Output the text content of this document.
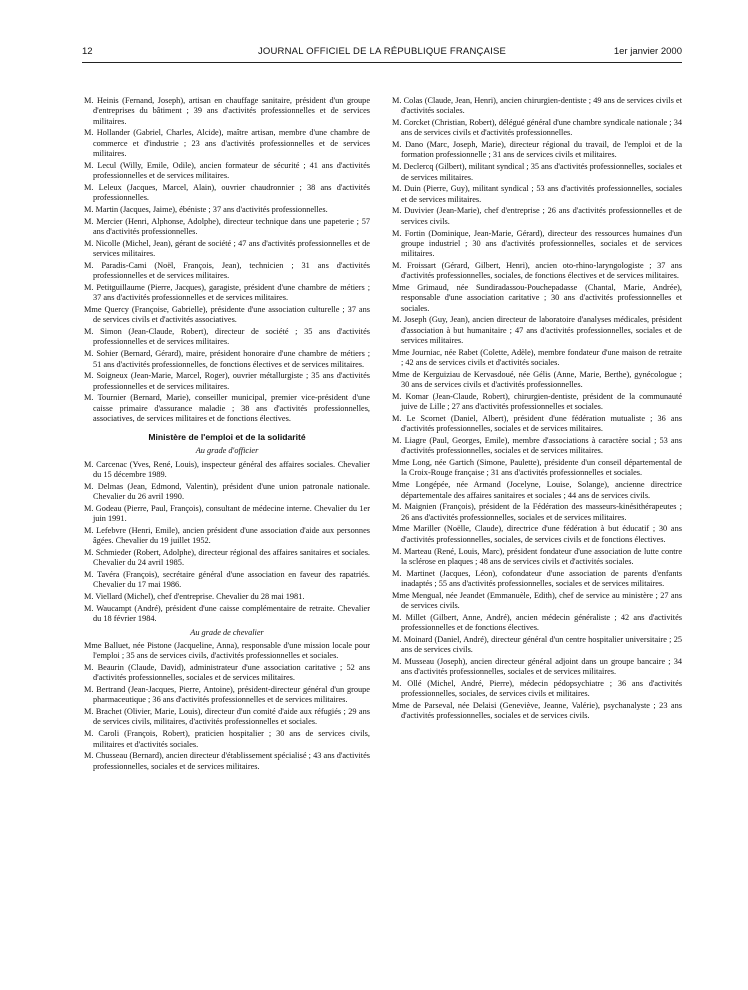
12	JOURNAL OFFICIEL DE LA RÉPUBLIQUE FRANÇAISE	1er janvier 2000

M. Heinis (Fernand, Joseph), artisan en chauffage sanitaire, président d'un groupe d'entreprises du bâtiment ; 39 ans d'activités professionnelles et de services militaires.

M. Hollander (Gabriel, Charles, Alcide), maître artisan, membre d'une chambre de commerce et d'industrie ; 23 ans d'activités professionnelles et de services militaires.

M. Lecul (Willy, Emile, Odile), ancien formateur de sécurité ; 41 ans d'activités professionnelles et de services militaires.

M. Leleux (Jacques, Marcel, Alain), ouvrier chaudronnier ; 38 ans d'activités professionnelles.

M. Martin (Jacques, Jaime), ébéniste ; 37 ans d'activités professionnelles.

M. Mercier (Henri, Alphonse, Adolphe), directeur technique dans une papeterie ; 57 ans d'activités professionnelles.

M. Nicolle (Michel, Jean), gérant de société ; 47 ans d'activités professionnelles et de services militaires.

M. Paradis-Cami (Noël, François, Jean), technicien ; 31 ans d'activités professionnelles et de services militaires.

M. Petitguillaume (Pierre, Jacques), garagiste, président d'une chambre de métiers ; 37 ans d'activités professionnelles et de services militaires.

Mme Quercy (Françoise, Gabrielle), présidente d'une association culturelle ; 37 ans de services civils et d'activités associatives.

M. Simon (Jean-Claude, Robert), directeur de société ; 35 ans d'activités professionnelles et de services militaires.

M. Sohier (Bernard, Gérard), maire, président honoraire d'une chambre de métiers ; 51 ans d'activités professionnelles, de fonctions électives et de services militaires.

M. Soigneux (Jean-Marie, Marcel, Roger), ouvrier métallurgiste ; 35 ans d'activités professionnelles et de services militaires.

M. Tournier (Bernard, Marie), conseiller municipal, premier vice-président d'une caisse primaire d'assurance maladie ; 38 ans d'activités professionnelles, associatives, de services militaires et de fonctions électives.

Ministère de l'emploi et de la solidarité
Au grade d'officier

M. Carcenac (Yves, René, Louis), inspecteur général des affaires sociales. Chevalier du 15 décembre 1989.

M. Delmas (Jean, Edmond, Valentin), président d'une union patronale nationale. Chevalier du 26 avril 1990.

M. Godeau (Pierre, Paul, François), consultant de médecine interne. Chevalier du 1er juin 1991.

M. Lefebvre (Henri, Emile), ancien président d'une association d'aide aux personnes âgées. Chevalier du 19 juillet 1952.

M. Schmieder (Robert, Adolphe), directeur régional des affaires sanitaires et sociales. Chevalier du 24 avril 1985.

M. Tavéra (François), secrétaire général d'une association en faveur des rapatriés. Chevalier du 17 mai 1986.

M. Viellard (Michel), chef d'entreprise. Chevalier du 28 mai 1981.

M. Waucampt (André), président d'une caisse complémentaire de retraite. Chevalier du 18 février 1984.

Au grade de chevalier

Mme Balluet, née Pistone (Jacqueline, Anna), responsable d'une mission locale pour l'emploi ; 35 ans de services civils, d'activités professionnelles et sociales.

M. Beaurin (Claude, David), administrateur d'une association caritative ; 52 ans d'activités professionnelles, sociales et de services militaires.

M. Bertrand (Jean-Jacques, Pierre, Antoine), président-directeur général d'un groupe pharmaceutique ; 36 ans d'activités professionnelles et de services militaires.

M. Brachet (Olivier, Marie, Louis), directeur d'un comité d'aide aux réfugiés ; 29 ans de services civils, militaires, d'activités professionnelles et sociales.

M. Caroli (François, Robert), praticien hospitalier ; 30 ans de services civils, militaires et d'activités sociales.

M. Chusseau (Bernard), ancien directeur d'établissement spécialisé ; 43 ans d'activités professionnelles, sociales et de services militaires.

M. Colas (Claude, Jean, Henri), ancien chirurgien-dentiste ; 49 ans de services civils et d'activités sociales.

M. Corcket (Christian, Robert), délégué général d'une chambre syndicale nationale ; 34 ans de services civils et d'activités professionnelles.

M. Dano (Marc, Joseph, Marie), directeur régional du travail, de l'emploi et de la formation professionnelle ; 31 ans de services civils et militaires.

M. Declercq (Gilbert), militant syndical ; 35 ans d'activités professionnelles, sociales et de services militaires.

M. Duin (Pierre, Guy), militant syndical ; 53 ans d'activités professionnelles, sociales et de services militaires.

M. Duvivier (Jean-Marie), chef d'entreprise ; 26 ans d'activités professionnelles et de services civils.

M. Fortin (Dominique, Jean-Marie, Gérard), directeur des ressources humaines d'un groupe industriel ; 30 ans d'activités professionnelles, sociales et de services militaires.

M. Froissart (Gérard, Gilbert, Henri), ancien oto-rhino-laryngologiste ; 37 ans d'activités professionnelles, sociales, de fonctions électives et de services militaires.

Mme Grimaud, née Sundiradassou-Pouchepadasse (Chantal, Marie, Andrée), responsable d'une association caritative ; 30 ans d'activités professionnelles et sociales.

M. Joseph (Guy, Jean), ancien directeur de laboratoire d'analyses médicales, président d'association à but humanitaire ; 47 ans d'activités professionnelles, sociales et de services militaires.

Mme Journiac, née Rabet (Colette, Adèle), membre fondateur d'une maison de retraite ; 42 ans de services civils et d'activités sociales.

Mme de Kerguiziau de Kervasdoué, née Gélis (Anne, Marie, Berthe), gynécologue ; 30 ans de services civils et d'activités professionnelles.

M. Komar (Jean-Claude, Robert), chirurgien-dentiste, président de la communauté juive de Lille ; 27 ans d'activités professionnelles et sociales.

M. Le Scornet (Daniel, Albert), président d'une fédération mutualiste ; 36 ans d'activités professionnelles, sociales et de services militaires.

M. Liagre (Paul, Georges, Emile), membre d'associations à caractère social ; 53 ans d'activités professionnelles, sociales et de services militaires.

Mme Long, née Gartich (Simone, Paulette), présidente d'un conseil départemental de la Croix-Rouge française ; 31 ans d'activités professionnelles et sociales.

Mme Longépée, née Armand (Jocelyne, Louise, Solange), ancienne directrice départementale des affaires sanitaires et sociales ; 44 ans de services civils.

M. Maignien (François), président de la Fédération des masseurs-kinésithérapeutes ; 26 ans d'activités professionnelles, sociales et de services militaires.

Mme Mariller (Noëlle, Claude), directrice d'une fédération à but éducatif ; 30 ans d'activités professionnelles, sociales, de services civils et de fonctions électives.

M. Marteau (René, Louis, Marc), président fondateur d'une association de lutte contre la sclérose en plaques ; 48 ans de services civils et d'activités sociales.

M. Martinet (Jacques, Léon), cofondateur d'une association de parents d'enfants inadaptés ; 55 ans d'activités professionnelles, sociales et de services militaires.

Mme Mengual, née Jeandet (Emmanuèle, Edith), chef de service au ministère ; 27 ans de services civils.

M. Millet (Gilbert, Anne, André), ancien médecin généraliste ; 42 ans d'activités professionnelles et de fonctions électives.

M. Moinard (Daniel, André), directeur général d'un centre hospitalier universitaire ; 25 ans de services civils.

M. Musseau (Joseph), ancien directeur général adjoint dans un groupe bancaire ; 34 ans d'activités professionnelles, sociales et de services militaires.

M. Ollé (Michel, André, Pierre), médecin pédopsychiatre ; 36 ans d'activités professionnelles, sociales, de services civils et militaires.

Mme de Parseval, née Delaisi (Geneviève, Jeanne, Valérie), psychanalyste ; 23 ans d'activités professionnelles, sociales et de services civils.
